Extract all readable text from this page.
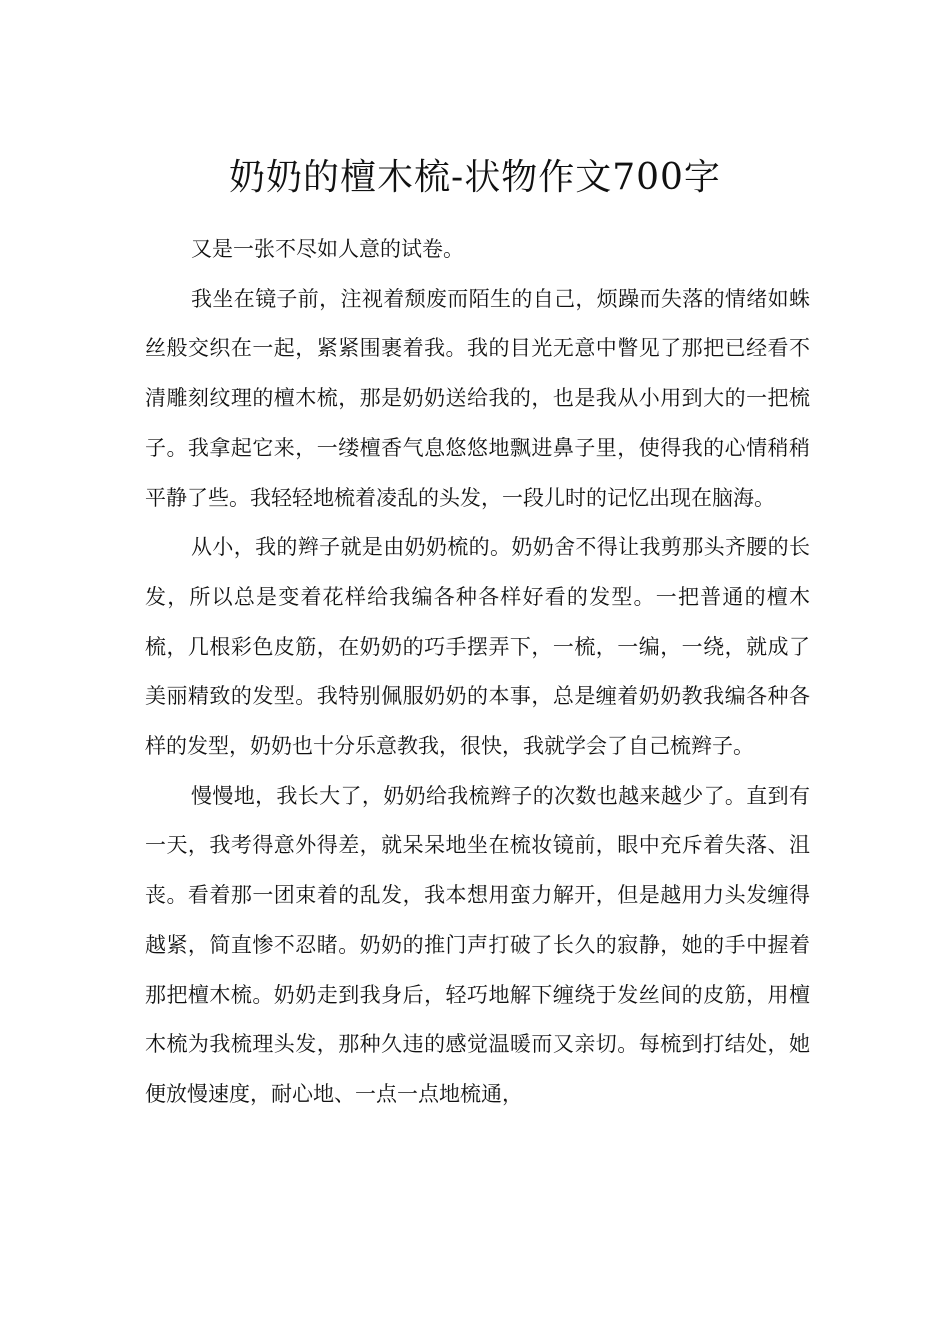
奶奶的檀木梳-状物作文700字

又是一张不尽如人意的试卷。

我坐在镜子前，注视着颓废而陌生的自己，烦躁而失落的情绪如蛛丝般交织在一起，紧紧围裹着我。我的目光无意中瞥见了那把已经看不清雕刻纹理的檀木梳，那是奶奶送给我的，也是我从小用到大的一把梳子。我拿起它来，一缕檀香气息悠悠地飘进鼻子里，使得我的心情稍稍平静了些。我轻轻地梳着凌乱的头发，一段儿时的记忆出现在脑海。

从小，我的辫子就是由奶奶梳的。奶奶舍不得让我剪那头齐腰的长发，所以总是变着花样给我编各种各样好看的发型。一把普通的檀木梳，几根彩色皮筋，在奶奶的巧手摆弄下，一梳，一编，一绕，就成了美丽精致的发型。我特别佩服奶奶的本事，总是缠着奶奶教我编各种各样的发型，奶奶也十分乐意教我，很快，我就学会了自己梳辫子。

慢慢地，我长大了，奶奶给我梳辫子的次数也越来越少了。直到有一天，我考得意外得差，就呆呆地坐在梳妆镜前，眼中充斥着失落、沮丧。看着那一团束着的乱发，我本想用蛮力解开，但是越用力头发缠得越紧，简直惨不忍睹。奶奶的推门声打破了长久的寂静，她的手中握着那把檀木梳。奶奶走到我身后，轻巧地解下缠绕于发丝间的皮筋，用檀木梳为我梳理头发，那种久违的感觉温暖而又亲切。每梳到打结处，她便放慢速度，耐心地、一点一点地梳通，
